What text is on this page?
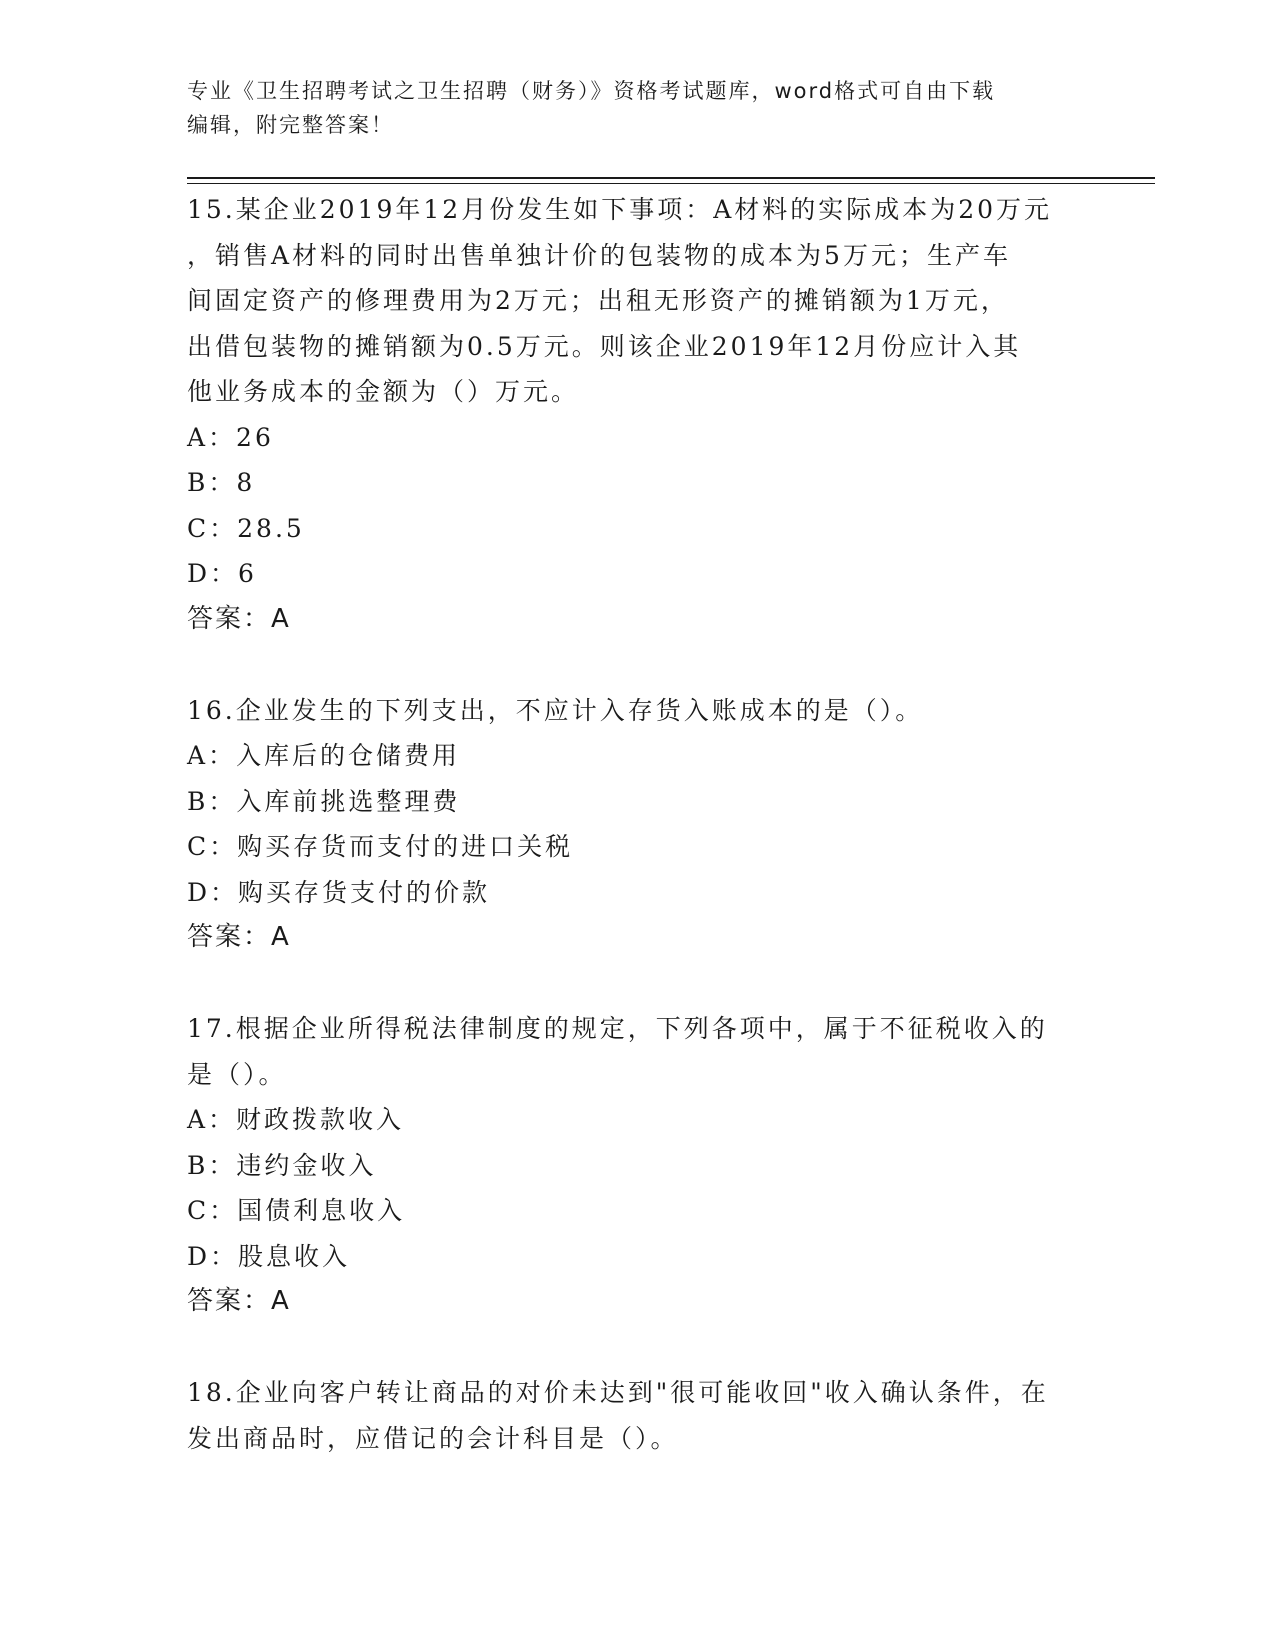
专业《卫生招聘考试之卫生招聘（财务）》资格考试题库，word格式可自由下载
编辑，附完整答案！
15.某企业2019年12月份发生如下事项：A材料的实际成本为20万元
，销售A材料的同时出售单独计价的包装物的成本为5万元；生产车
间固定资产的修理费用为2万元；出租无形资产的摊销额为1万元，
出借包装物的摊销额为0.5万元。则该企业2019年12月份应计入其
他业务成本的金额为（）万元。
A：26
B：8
C：28.5
D：6
答案：A
16.企业发生的下列支出，不应计入存货入账成本的是（）。
A：入库后的仓储费用
B：入库前挑选整理费
C：购买存货而支付的进口关税
D：购买存货支付的价款
答案：A
17.根据企业所得税法律制度的规定，下列各项中，属于不征税收入的
是（）。
A：财政拨款收入
B：违约金收入
C：国债利息收入
D：股息收入
答案：A
18.企业向客户转让商品的对价未达到"很可能收回"收入确认条件，在
发出商品时，应借记的会计科目是（）。
